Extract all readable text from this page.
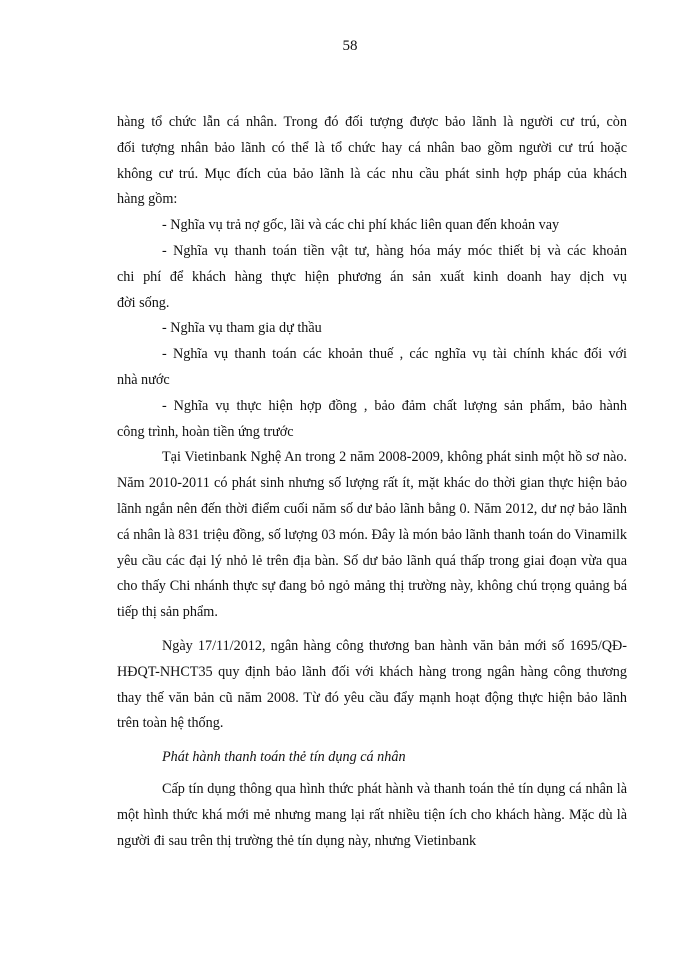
58

hàng tổ chức lẫn cá nhân. Trong đó đối tượng được bảo lãnh là người cư trú, còn

đối tượng nhân bảo lãnh có thể là tổ chức hay cá nhân bao gồm người cư trú hoặc

không cư trú. Mục đích của bảo lãnh là các nhu cầu phát sinh hợp pháp của khách

hàng gồm:

- Nghĩa vụ trả nợ gốc, lãi và các chi phí khác liên quan đến khoản vay

- Nghĩa vụ thanh toán tiền vật tư, hàng hóa máy móc thiết bị và các khoản

chi phí để khách hàng thực hiện phương án sản xuất kinh doanh hay dịch vụ

đời sống.

- Nghĩa vụ tham gia dự thầu

- Nghĩa vụ thanh toán các khoản thuế , các nghĩa vụ tài chính khác đối với

nhà nước

- Nghĩa vụ thực hiện hợp đồng , bảo đảm chất lượng sản phẩm, bảo hành

công trình, hoàn tiền ứng trước

Tại Vietinbank Nghệ An trong 2 năm 2008-2009, không phát sinh một hồ sơ nào. Năm 2010-2011 có phát sinh nhưng số lượng rất ít, mặt khác do thời gian thực hiện bảo lãnh ngắn nên đến thời điểm cuối năm số dư bảo lãnh bằng 0. Năm 2012, dư nợ bảo lãnh cá nhân là 831 triệu đồng, số lượng 03 món. Đây là món bảo lãnh thanh toán do Vinamilk yêu cầu các đại lý nhỏ lẻ trên địa bàn. Số dư bảo lãnh quá thấp trong giai đoạn vừa qua cho thấy Chi nhánh thực sự đang bỏ ngỏ mảng thị trường này, không chú trọng quảng bá tiếp thị sản phẩm.

Ngày 17/11/2012, ngân hàng công thương ban hành văn bản mới số 1695/QĐ-HĐQT-NHCT35 quy định bảo lãnh đối với khách hàng trong ngân hàng công thương thay thế văn bản cũ năm 2008. Từ đó yêu cầu đẩy mạnh hoạt động thực hiện bảo lãnh trên toàn hệ thống.

Phát hành thanh toán thẻ tín dụng cá nhân

Cấp tín dụng thông qua hình thức phát hành và thanh toán thẻ tín dụng cá nhân là một hình thức khá mới mẻ nhưng mang lại rất nhiều tiện ích cho khách hàng. Mặc dù là người đi sau trên thị trường thẻ tín dụng này, nhưng Vietinbank
